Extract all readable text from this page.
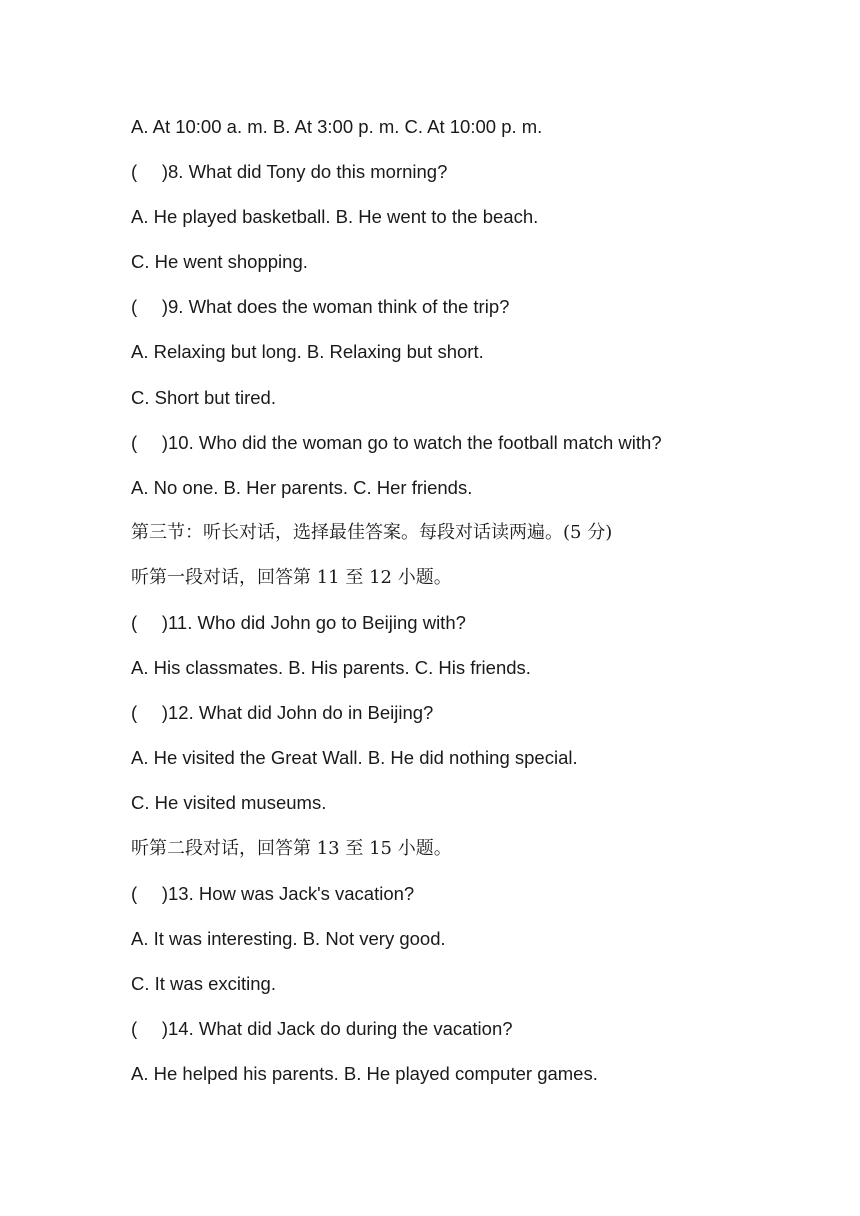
A. At 10:00 a. m. B. At 3:00 p. m. C. At 10:00 p. m.
( ) 8. What did Tony do this morning?
A. He played basketball. B. He went to the beach.
C. He went shopping.
( ) 9. What does the woman think of the trip?
A. Relaxing but long. B. Relaxing but short.
C. Short but tired.
( ) 10. Who did the woman go to watch the football match with?
A. No one. B. Her parents. C. Her friends.
第三节：听长对话，选择最佳答案。每段对话读两遍。(5 分)
听第一段对话，回答第 11 至 12 小题。
( ) 11. Who did John go to Beijing with?
A. His classmates. B. His parents. C. His friends.
( ) 12. What did John do in Beijing?
A. He visited the Great Wall. B. He did nothing special.
C. He visited museums.
听第二段对话，回答第 13 至 15 小题。
( ) 13. How was Jack's vacation?
A. It was interesting. B. Not very good.
C. It was exciting.
( ) 14. What did Jack do during the vacation?
A. He helped his parents. B. He played computer games.
